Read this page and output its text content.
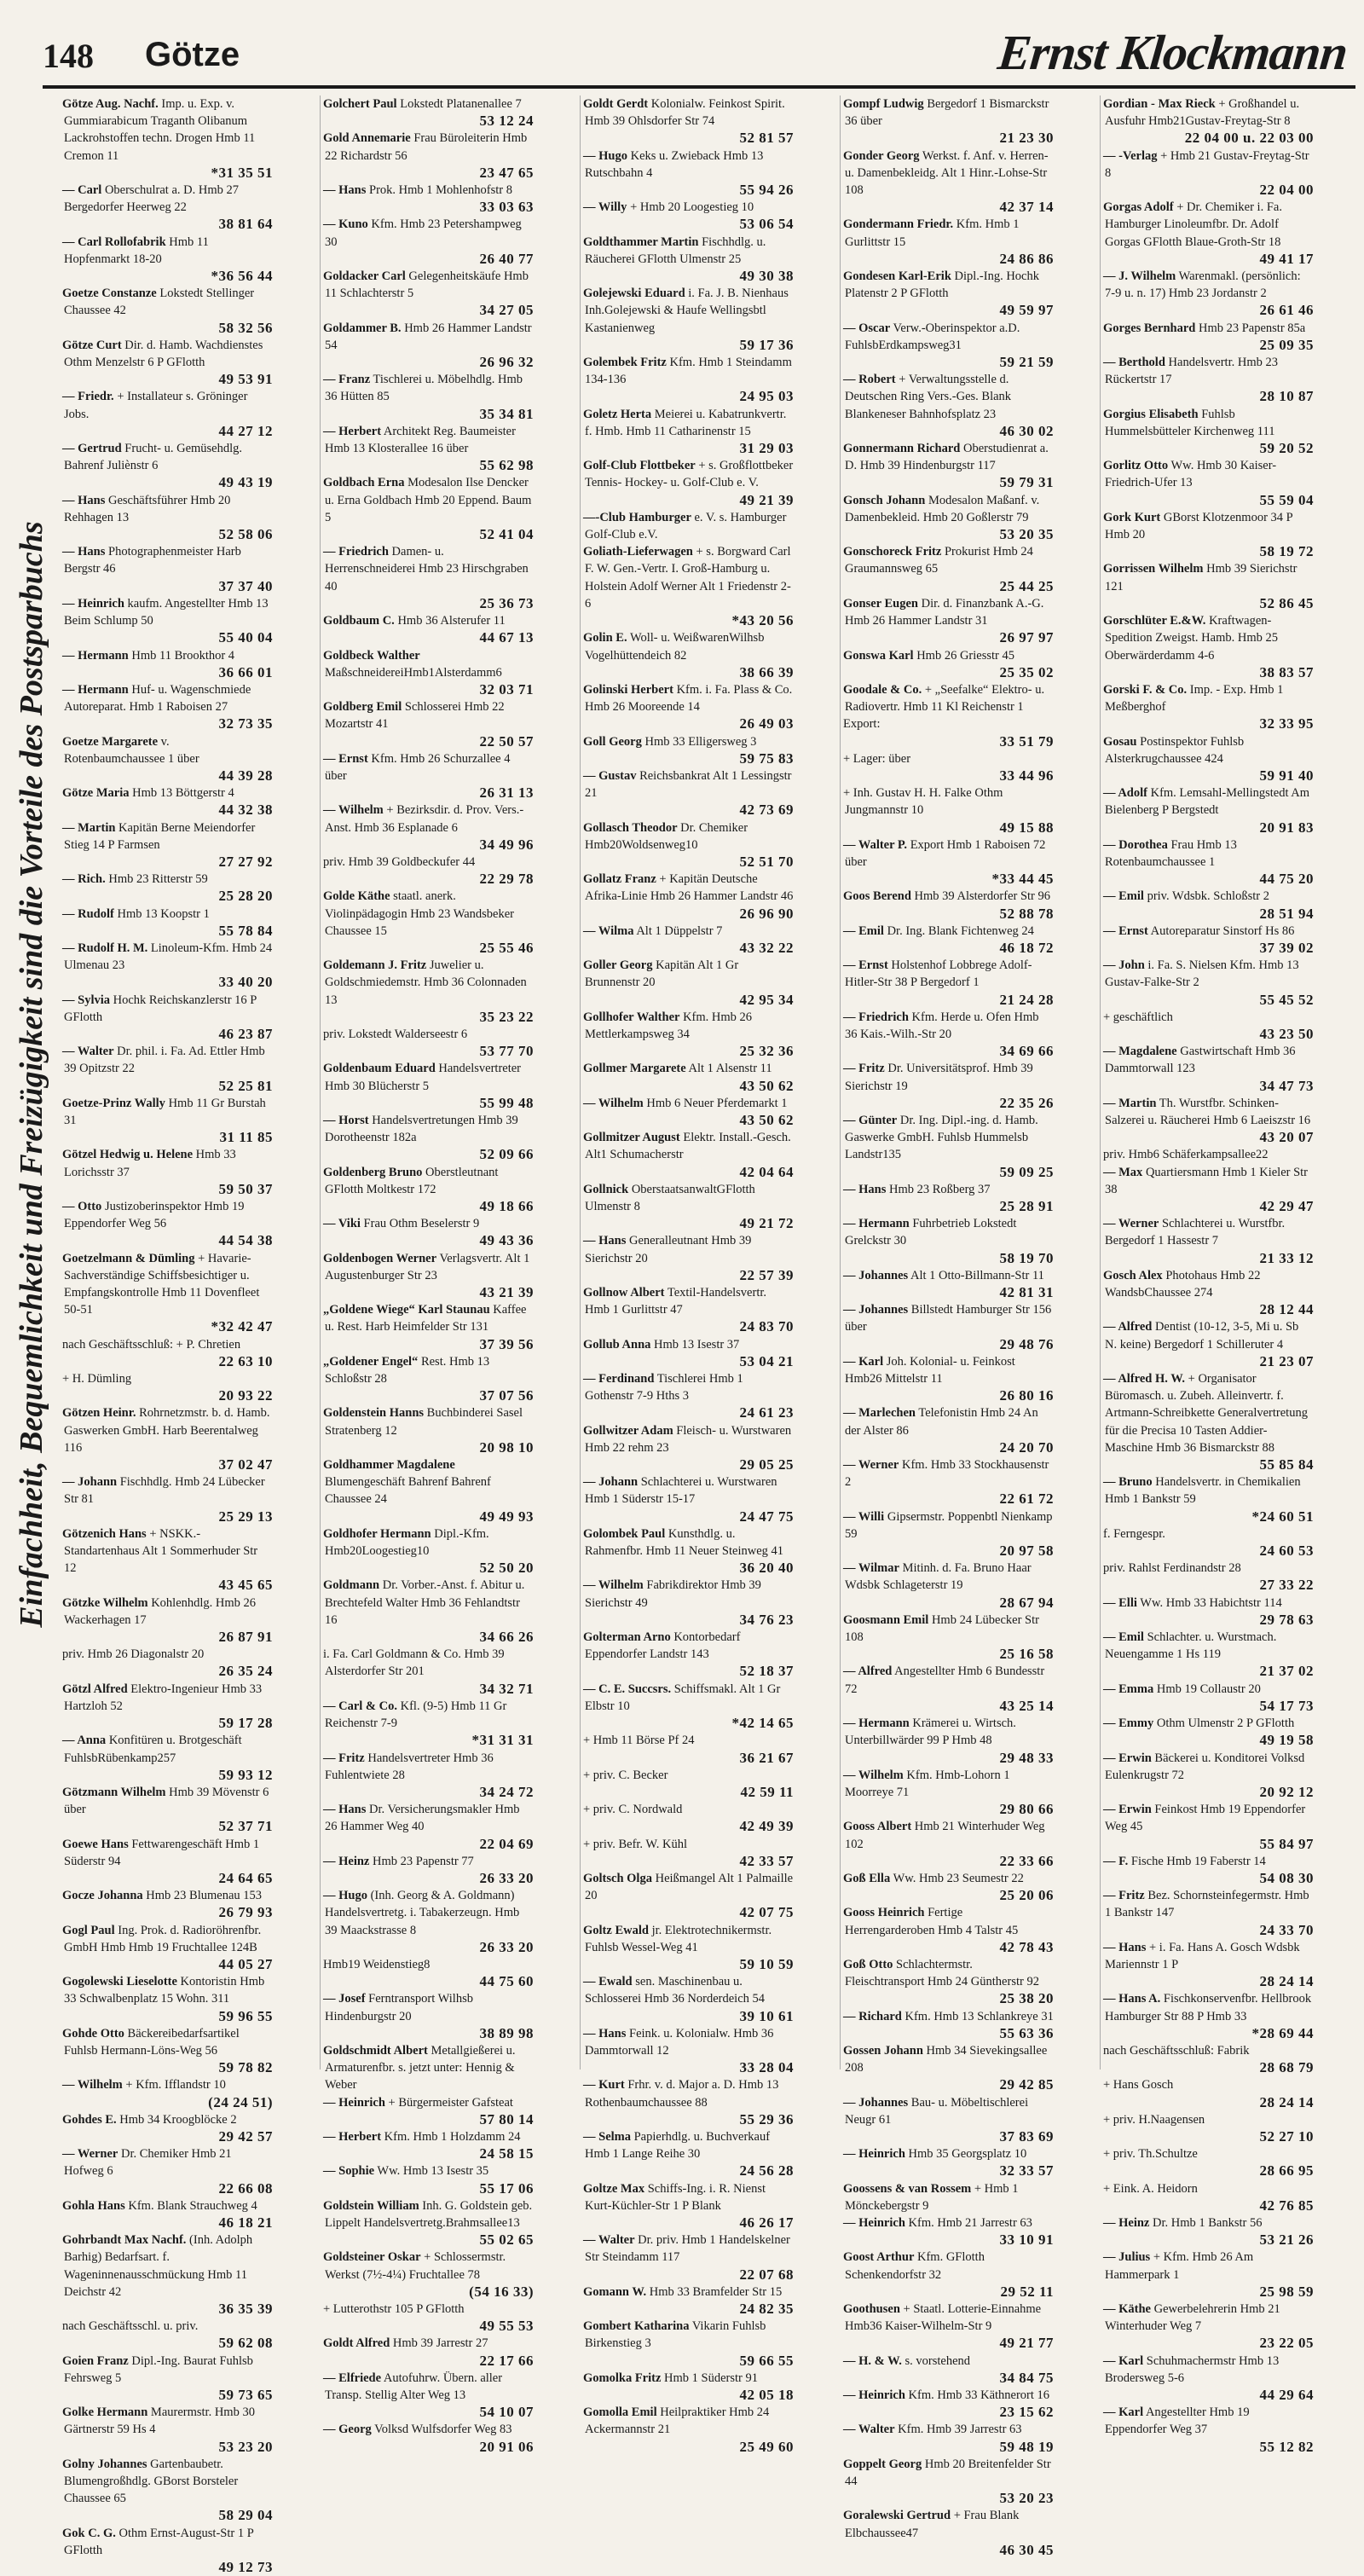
148 Götze	Ernst Klockmann
Einfachheit, Bequemlichkeit und Freizügigkeit sind die Vorteile des Postsparbuchs
Götze Aug. Nachf. Imp. u. Exp. v. Gummiarabicum Traganth Olibanum Lackrohstoffen techn. Drogen Hmb 11 Cremon 11
*31 35 51
— Carl Oberschulrat a. D. Hmb 27 Bergedorfer Heerweg 22
38 81 64
— Carl Rollofabrik Hmb 11 Hopfenmarkt 18-20
*36 56 44
Goetze Constanze Lokstedt Stellinger Chaussee 42
58 32 56
Götze Curt Dir. d. Hamb. Wachdienstes Othm Menzelstr 6 P GFlotth
49 53 91
— Friedr. + Installateur s. Gröninger Jobs.
44 27 12
— Gertrud Frucht- u. Gemüsehdlg. Bahrenf Juliènstr 6
49 43 19
— Hans Geschäftsführer Hmb 20 Rehhagen 13
52 58 06
— Hans Photographenmeister Harb Bergstr 46
37 37 40
— Heinrich kaufm. Angestellter Hmb 13 Beim Schlump 50
55 40 04
— Hermann Hmb 11 Brookthor 4
36 66 01
— Hermann Huf- u. Wagenschmiede Autoreparat. Hmb 1 Raboisen 27
32 73 35
Goetze Margarete v. Rotenbaumchaussee 1 über
44 39 28
Götze Maria Hmb 13 Böttgerstr 4
44 32 38
— Martin Kapitän Berne Meiendorfer Stieg 14 P Farmsen
27 27 92
— Rich. Hmb 23 Ritterstr 59
25 28 20
— Rudolf Hmb 13 Koopstr 1
55 78 84
— Rudolf H. M. Linoleum-Kfm. Hmb 24 Ulmenau 23
33 40 20
— Sylvia Hochk Reichskanzlerstr 16 P GFlotth
46 23 87
— Walter Dr. phil. i. Fa. Ad. Ettler Hmb 39 Opitzstr 22
52 25 81
Goetze-Prinz Wally Hmb 11 Gr Burstah 31
31 11 85
Götzel Hedwig u. Helene Hmb 33 Lorichsstr 37
59 50 37
— Otto Justizoberinspektor Hmb 19 Eppendorfer Weg 56
44 54 38
Goetzelmann & Dümling + Havarie-Sachverständige Schiffsbesichtiger u. Empfangskontrolle Hmb 11 Dovenfleet 50-51
*32 42 47
nach Geschäftsschluß: + P. Chretien
22 63 10
+ H. Dümling
20 93 22
Götzen Heinr. Rohrnetzmstr. b. d. Hamb. Gaswerken GmbH. Harb Beerentalweg 116
37 02 47
— Johann Fischhdlg. Hmb 24 Lübecker Str 81
25 29 13
Götzenich Hans + NSKK.-Standartenhaus Alt 1 Sommerhuder Str 12
43 45 65
Götzke Wilhelm Kohlenhdlg. Hmb 26 Wackerhagen 17
26 87 91
priv. Hmb 26 Diagonalstr 20
26 35 24
Götzl Alfred Elektro-Ingenieur Hmb 33 Hartzloh 52
59 17 28
— Anna Konfitüren u. Brotgeschäft FuhlsbRübenkamp257
59 93 12
Götzmann Wilhelm Hmb 39 Mövenstr 6 über
52 37 71
Goewe Hans Fettwarengeschäft Hmb 1 Süderstr 94
24 64 65
Gocze Johanna Hmb 23 Blumenau 153
26 79 93
Gogl Paul Ing. Prok. d. Radioröhrenfbr. GmbH Hmb Hmb 19 Fruchtallee 124B
44 05 27
Gogolewski Lieselotte Kontoristin Hmb 33 Schwalbenplatz 15 Wohn. 311
59 96 55
Gohde Otto Bäckereibedarfsartikel Fuhlsb Hermann-Löns-Weg 56
59 78 82
— Wilhelm + Kfm. Ifflandstr 10
(24 24 51)
Gohdes E. Hmb 34 Kroogblöcke 2
29 42 57
— Werner Dr. Chemiker Hmb 21 Hofweg 6
22 66 08
Gohla Hans Kfm. Blank Strauchweg 4
46 18 21
Gohrbandt Max Nachf. (Inh. Adolph Barhig) Bedarfsart. f. Wageninnenausschmückung Hmb 11 Deichstr 42
36 35 39
nach Geschäftsschl. u. priv.
59 62 08
Goien Franz Dipl.-Ing. Baurat Fuhlsb Fehrsweg 5
59 73 65
Golke Hermann Maurermstr. Hmb 30 Gärtnerstr 59 Hs 4
53 23 20
Golny Johannes Gartenbaubetr. Blumengroßhdlg. GBorst Borsteler Chaussee 65
58 29 04
Gok C. G. Othm Ernst-August-Str 1 P GFlotth
49 12 73
Golchert Paul Lokstedt Platanenallee 7
53 12 24
Gold Annemarie Frau Büroleiterin Hmb 22 Richardstr 56
23 47 65
— Hans Prok. Hmb 1 Mohlenhofstr 8
33 03 63
— Kuno Kfm. Hmb 23 Petershampweg 30
26 40 77
Goldacker Carl Gelegenheitskäufe Hmb 11 Schlachterstr 5
34 27 05
Goldammer B. Hmb 26 Hammer Landstr 54
26 96 32
— Franz Tischlerei u. Möbelhdlg. Hmb 36 Hütten 85
35 34 81
— Herbert Architekt Reg. Baumeister Hmb 13 Klosterallee 16 über
55 62 98
Goldbach Erna Modesalon Ilse Dencker u. Erna Goldbach Hmb 20 Eppend. Baum 5
52 41 04
— Friedrich Damen- u. Herrenschneiderei Hmb 23 Hirschgraben 40
25 36 73
Goldbaum C. Hmb 36 Alsterufer 11
44 67 13
Goldbeck Walther MaßschneidereiHmb1Alsterdamm6
32 03 71
Goldberg Emil Schlosserei Hmb 22 Mozartstr 41
22 50 57
— Ernst Kfm. Hmb 26 Schurzallee 4 über
26 31 13
— Wilhelm + Bezirksdir. d. Prov. Vers.-Anst. Hmb 36 Esplanade 6
34 49 96
priv. Hmb 39 Goldbeckufer 44
22 29 78
Golde Käthe staatl. anerk. Violinpädagogin Hmb 23 Wandsbeker Chaussee 15
25 55 46
Goldemann J. Fritz Juwelier u. Goldschmiedemstr. Hmb 36 Colonnaden 13
35 23 22
priv. Lokstedt Walderseestr 6
53 77 70
Goldenbaum Eduard Handelsvertreter Hmb 30 Blücherstr 5
55 99 48
— Horst Handelsvertretungen Hmb 39 Dorotheenstr 182a
52 09 66
Goldenberg Bruno Oberstleutnant GFlotth Moltkestr 172
49 18 66
— Viki Frau Othm Beselerstr 9
49 43 36
Goldenbogen Werner Verlagsvertr. Alt 1 Augustenburger Str 23
43 21 39
„Goldene Wiege“ Karl Staunau Kaffee u. Rest. Harb Heimfelder Str 131
37 39 56
„Goldener Engel“ Rest. Hmb 13 Schloßstr 28
37 07 56
Goldenstein Hanns Buchbinderei Sasel Stratenberg 12
20 98 10
Goldhammer Magdalene Blumengeschäft Bahrenf Bahrenf Chaussee 24
49 49 93
Goldhofer Hermann Dipl.-Kfm. Hmb20Loogestieg10
52 50 20
Goldmann Dr. Vorber.-Anst. f. Abitur u. Brechtefeld Walter Hmb 36 Fehlandtstr 16
34 66 26
i. Fa. Carl Goldmann & Co. Hmb 39 Alsterdorfer Str 201
34 32 71
— Carl & Co. Kfl. (9-5) Hmb 11 Gr Reichenstr 7-9
*31 31 31
— Fritz Handelsvertreter Hmb 36 Fuhlentwiete 28
34 24 72
— Hans Dr. Versicherungsmakler Hmb 26 Hammer Weg 40
22 04 69
— Heinz Hmb 23 Papenstr 77
26 33 20
— Hugo (Inh. Georg & A. Goldmann) Handelsvertretg. i. Tabakerzeugn. Hmb 39 Maackstrasse 8
26 33 20
Hmb19 Weidenstieg8
44 75 60
— Josef Ferntransport Wilhsb Hindenburgstr 20
38 89 98
Goldschmidt Albert Metallgießerei u. Armaturenfbr. s. jetzt unter: Hennig & Weber
— Heinrich + Bürgermeister Gafsteat
57 80 14
— Herbert Kfm. Hmb 1 Holzdamm 24
24 58 15
— Sophie Ww. Hmb 13 Isestr 35
55 17 06
Goldstein William Inh. G. Goldstein geb. Lippelt Handelsvertretg.Brahmsallee13
55 02 65
Goldsteiner Oskar + Schlossermstr. Werkst (7½-4¼) Fruchtallee 78
(54 16 33)
+ Lutterothstr 105 P GFlotth
49 55 53
Goldt Alfred Hmb 39 Jarrestr 27
22 17 66
— Elfriede Autofuhrw. Übern. aller Transp. Stellig Alter Weg 13
54 10 07
— Georg Volksd Wulfsdorfer Weg 83
20 91 06
Goldt Gerdt Kolonialw. Feinkost Spirit. Hmb 39 Ohlsdorfer Str 74
52 81 57
— Hugo Keks u. Zwieback Hmb 13 Rutschbahn 4
55 94 26
— Willy + Hmb 20 Loogestieg 10
53 06 54
Goldthammer Martin Fischhdlg. u. Räucherei GFlotth Ulmenstr 25
49 30 38
Golejewski Eduard i. Fa. J. B. Nienhaus Inh.Golejewski & Haufe Wellingsbtl Kastanienweg
59 17 36
Golembek Fritz Kfm. Hmb 1 Steindamm 134-136
24 95 03
Goletz Herta Meierei u. Kabatrunkvertr. f. Hmb. Hmb 11 Catharinenstr 15
31 29 03
Golf-Club Flottbeker + s. Großflottbeker Tennis- Hockey- u. Golf-Club e. V.
49 21 39
—-Club Hamburger e. V. s. Hamburger Golf-Club e.V.
Goliath-Lieferwagen + s. Borgward Carl F. W. Gen.-Vertr. I. Groß-Hamburg u. Holstein Adolf Werner Alt 1 Friedenstr 2-6
*43 20 56
Golin E. Woll- u. WeißwarenWilhsb Vogelhüttendeich 82
38 66 39
Golinski Herbert Kfm. i. Fa. Plass & Co. Hmb 26 Mooreende 14
26 49 03
Goll Georg Hmb 33 Elligersweg 3
59 75 83
— Gustav Reichsbankrat Alt 1 Lessingstr 21
42 73 69
Gollasch Theodor Dr. Chemiker Hmb20Woldsenweg10
52 51 70
Gollatz Franz + Kapitän Deutsche Afrika-Linie Hmb 26 Hammer Landstr 46
26 96 90
— Wilma Alt 1 Düppelstr 7
43 32 22
Goller Georg Kapitän Alt 1 Gr Brunnenstr 20
42 95 34
Gollhofer Walther Kfm. Hmb 26 Mettlerkampsweg 34
25 32 36
Gollmer Margarete Alt 1 Alsenstr 11
43 50 62
— Wilhelm Hmb 6 Neuer Pferdemarkt 1
43 50 62
Gollmitzer August Elektr. Install.-Gesch. Alt1 Schumacherstr
42 04 64
Gollnick OberstaatsanwaltGFlotth Ulmenstr 8
49 21 72
— Hans Generalleutnant Hmb 39 Sierichstr 20
22 57 39
Gollnow Albert Textil-Handelsvertr. Hmb 1 Gurlittstr 47
24 83 70
Gollub Anna Hmb 13 Isestr 37
53 04 21
— Ferdinand Tischlerei Hmb 1 Gothenstr 7-9 Hths 3
24 61 23
Gollwitzer Adam Fleisch- u. Wurstwaren Hmb 22 rehm 23
29 05 25
— Johann Schlachterei u. Wurstwaren Hmb 1 Süderstr 15-17
24 47 75
Golombek Paul Kunsthdlg. u. Rahmenfbr. Hmb 11 Neuer Steinweg 41
36 20 40
— Wilhelm Fabrikdirektor Hmb 39 Sierichstr 49
34 76 23
Golterman Arno Kontorbedarf Eppendorfer Landstr 143
52 18 37
— C. E. Succsrs. Schiffsmakl. Alt 1 Gr Elbstr 10
*42 14 65
+ Hmb 11 Börse Pf 24
36 21 67
+ priv. C. Becker
42 59 11
+ priv. C. Nordwald
42 49 39
+ priv. Befr. W. Kühl
42 33 57
Goltsch Olga Heißmangel Alt 1 Palmaille 20
42 07 75
Goltz Ewald jr. Elektrotechnikermstr. Fuhlsb Wessel-Weg 41
59 10 59
— Ewald sen. Maschinenbau u. Schlosserei Hmb 36 Norderdeich 54
39 10 61
— Hans Feink. u. Kolonialw. Hmb 36 Dammtorwall 12
33 28 04
— Kurt Frhr. v. d. Major a. D. Hmb 13 Rothenbaumchaussee 88
55 29 36
— Selma Papierhdlg. u. Buchverkauf Hmb 1 Lange Reihe 30
24 56 28
Goltze Max Schiffs-Ing. i. R. Nienst Kurt-Küchler-Str 1 P Blank
46 26 17
— Walter Dr. priv. Hmb 1 Handelskelner Str Steindamm 117
22 07 68
Gomann W. Hmb 33 Bramfelder Str 15
24 82 35
Gombert Katharina Vikarin Fuhlsb Birkenstieg 3
59 66 55
Gomolka Fritz Hmb 1 Süderstr 91
42 05 18
Gomolla Emil Heilpraktiker Hmb 24 Ackermannstr 21
25 49 60
Gompf Ludwig Bergedorf 1 Bismarckstr 36 über
21 23 30
Gonder Georg Werkst. f. Anf. v. Herren- u. Damenbekleidg. Alt 1 Hinr.-Lohse-Str 108
42 37 14
Gondermann Friedr. Kfm. Hmb 1 Gurlittstr 15
24 86 86
Gondesen Karl-Erik Dipl.-Ing. Hochk Platenstr 2 P GFlotth
49 59 97
— Oscar Verw.-Oberinspektor a.D. FuhlsbErdkampsweg31
59 21 59
— Robert + Verwaltungsstelle d. Deutschen Ring Vers.-Ges. Blank Blankeneser Bahnhofsplatz 23
46 30 02
Gonnermann Richard Oberstudienrat a. D. Hmb 39 Hindenburgstr 117
59 79 31
Gonsch Johann Modesalon Maßanf. v. Damenbekleid. Hmb 20 Goßlerstr 79
53 20 35
Gonschoreck Fritz Prokurist Hmb 24 Graumannsweg 65
25 44 25
Gonser Eugen Dir. d. Finanzbank A.-G. Hmb 26 Hammer Landstr 31
26 97 97
Gonswa Karl Hmb 26 Griesstr 45
25 35 02
Goodale & Co. + „Seefalke“ Elektro- u. Radiovertr. Hmb 11 Kl Reichenstr 1
Export:
33 51 79
+ Lager: über
33 44 96
+ Inh. Gustav H. H. Falke Othm Jungmannstr 10
49 15 88
— Walter P. Export Hmb 1 Raboisen 72 über
*33 44 45
Goos Berend Hmb 39 Alsterdorfer Str 96
52 88 78
— Emil Dr. Ing. Blank Fichtenweg 24
46 18 72
— Ernst Holstenhof Lobbrege Adolf-Hitler-Str 38 P Bergedorf 1
21 24 28
— Friedrich Kfm. Herde u. Ofen Hmb 36 Kais.-Wilh.-Str 20
34 69 66
— Fritz Dr. Universitätsprof. Hmb 39 Sierichstr 19
22 35 26
— Günter Dr. Ing. Dipl.-ing. d. Hamb. Gaswerke GmbH. Fuhlsb Hummelsb Landstr135
59 09 25
— Hans Hmb 23 Roßberg 37
25 28 91
— Hermann Fuhrbetrieb Lokstedt Grelckstr 30
58 19 70
— Johannes Alt 1 Otto-Billmann-Str 11
42 81 31
— Johannes Billstedt Hamburger Str 156 über
29 48 76
— Karl Joh. Kolonial- u. Feinkost Hmb26 Mittelstr 11
26 80 16
— Marlechen Telefonistin Hmb 24 An der Alster 86
24 20 70
— Werner Kfm. Hmb 33 Stockhausenstr 2
22 61 72
— Willi Gipsermstr. Poppenbtl Nienkamp 59
20 97 58
— Wilmar Mitinh. d. Fa. Bruno Haar Wdsbk Schlageterstr 19
28 67 94
Goosmann Emil Hmb 24 Lübecker Str 108
25 16 58
— Alfred Angestellter Hmb 6 Bundesstr 72
43 25 14
— Hermann Krämerei u. Wirtsch. Unterbillwärder 99 P Hmb 48
29 48 33
— Wilhelm Kfm. Hmb-Lohorn 1 Moorreye 71
29 80 66
Gooss Albert Hmb 21 Winterhuder Weg 102
22 33 66
Goß Ella Ww. Hmb 23 Seumestr 22
25 20 06
Gooss Heinrich Fertige Herrengarderoben Hmb 4 Talstr 45
42 78 43
Goß Otto Schlachtermstr. Fleischtransport Hmb 24 Güntherstr 92
25 38 20
— Richard Kfm. Hmb 13 Schlankreye 31
55 63 36
Gossen Johann Hmb 34 Sievekingsallee 208
29 42 85
— Johannes Bau- u. Möbeltischlerei Neugr 61
37 83 69
— Heinrich Hmb 35 Georgsplatz 10
32 33 57
Goossens & van Rossem + Hmb 1 Mönckebergstr 9
— Heinrich Kfm. Hmb 21 Jarrestr 63
33 10 91
Goost Arthur Kfm. GFlotth Schenkendorfstr 32
29 52 11
Goothusen + Staatl. Lotterie-Einnahme Hmb36 Kaiser-Wilhelm-Str 9
49 21 77
— H. & W. s. vorstehend
34 84 75
— Heinrich Kfm. Hmb 33 Käthnerort 16
23 15 62
— Walter Kfm. Hmb 39 Jarrestr 63
59 48 19
Goppelt Georg Hmb 20 Breitenfelder Str 44
53 20 23
Goralewski Gertrud + Frau Blank Elbchaussee47
46 30 45
Gordian - Max Rieck + Großhandel u. Ausfuhr Hmb21Gustav-Freytag-Str 8
22 04 00 u. 22 03 00
— -Verlag + Hmb 21 Gustav-Freytag-Str 8
22 04 00
Gorgas Adolf + Dr. Chemiker i. Fa. Hamburger Linoleumfbr. Dr. Adolf Gorgas GFlotth Blaue-Groth-Str 18
49 41 17
— J. Wilhelm Warenmakl. (persönlich: 7-9 u. n. 17) Hmb 23 Jordanstr 2
26 61 46
Gorges Bernhard Hmb 23 Papenstr 85a
25 09 35
— Berthold Handelsvertr. Hmb 23 Rückertstr 17
28 10 87
Gorgius Elisabeth Fuhlsb Hummelsbütteler Kirchenweg 111
59 20 52
Gorlitz Otto Ww. Hmb 30 Kaiser-Friedrich-Ufer 13
55 59 04
Gork Kurt GBorst Klotzenmoor 34 P Hmb 20
58 19 72
Gorrissen Wilhelm Hmb 39 Sierichstr 121
52 86 45
Gorschlüter E.&W. Kraftwagen-Spedition Zweigst. Hamb. Hmb 25 Oberwärderdamm 4-6
38 83 57
Gorski F. & Co. Imp. - Exp. Hmb 1 Meßberghof
32 33 95
Gosau Postinspektor Fuhlsb Alsterkrugchaussee 424
59 91 40
— Adolf Kfm. Lemsahl-Mellingstedt Am Bielenberg P Bergstedt
20 91 83
— Dorothea Frau Hmb 13 Rotenbaumchaussee 1
44 75 20
— Emil priv. Wdsbk. Schloßstr 2
28 51 94
— Ernst Autoreparatur Sinstorf Hs 86
37 39 02
— John i. Fa. S. Nielsen Kfm. Hmb 13 Gustav-Falke-Str 2
55 45 52
+ geschäftlich
43 23 50
— Magdalene Gastwirtschaft Hmb 36 Dammtorwall 123
34 47 73
— Martin Th. Wurstfbr. Schinken-Salzerei u. Räucherei Hmb 6 Laeiszstr 16
43 20 07
priv. Hmb6 Schäferkampsallee22
— Max Quartiersmann Hmb 1 Kieler Str 38
42 29 47
— Werner Schlachterei u. Wurstfbr. Bergedorf 1 Hassestr 7
21 33 12
Gosch Alex Photohaus Hmb 22 WandsbChaussee 274
28 12 44
— Alfred Dentist (10-12, 3-5, Mi u. Sb N. keine) Bergedorf 1 Schilleruter 4
21 23 07
— Alfred H. W. + Organisator Büromasch. u. Zubeh. Alleinvertr. f. Artmann-Schreibkette Generalvertretung für die Precisa 10 Tasten Addier-Maschine Hmb 36 Bismarckstr 88
55 85 84
— Bruno Handelsvertr. in Chemikalien Hmb 1 Bankstr 59
*24 60 51
f. Ferngespr.
24 60 53
priv. Rahlst Ferdinandstr 28
27 33 22
— Elli Ww. Hmb 33 Habichtstr 114
29 78 63
— Emil Schlachter. u. Wurstmach. Neuengamme 1 Hs 119
21 37 02
— Emma Hmb 19 Collaustr 20
54 17 73
— Emmy Othm Ulmenstr 2 P GFlotth
49 19 58
— Erwin Bäckerei u. Konditorei Volksd Eulenkrugstr 72
20 92 12
— Erwin Feinkost Hmb 19 Eppendorfer Weg 45
55 84 97
— F. Fische Hmb 19 Faberstr 14
54 08 30
— Fritz Bez. Schornsteinfegermstr. Hmb 1 Bankstr 147
24 33 70
— Hans + i. Fa. Hans A. Gosch Wdsbk Mariennstr 1 P
28 24 14
— Hans A. Fischkonservenfbr. Hellbrook Hamburger Str 88 P Hmb 33
*28 69 44
nach Geschäftsschluß: Fabrik
28 68 79
+ Hans Gosch
28 24 14
+ priv. H.Naagensen
52 27 10
+ priv. Th.Schultze
28 66 95
+ Eink. A. Heidorn
42 76 85
— Heinz Dr. Hmb 1 Bankstr 56
53 21 26
— Julius + Kfm. Hmb 26 Am Hammerpark 1
25 98 59
— Käthe Gewerbelehrerin Hmb 21 Winterhuder Weg 7
23 22 05
— Karl Schuhmachermstr Hmb 13 Brodersweg 5-6
44 29 64
— Karl Angestellter Hmb 19 Eppendorfer Weg 37
55 12 82
